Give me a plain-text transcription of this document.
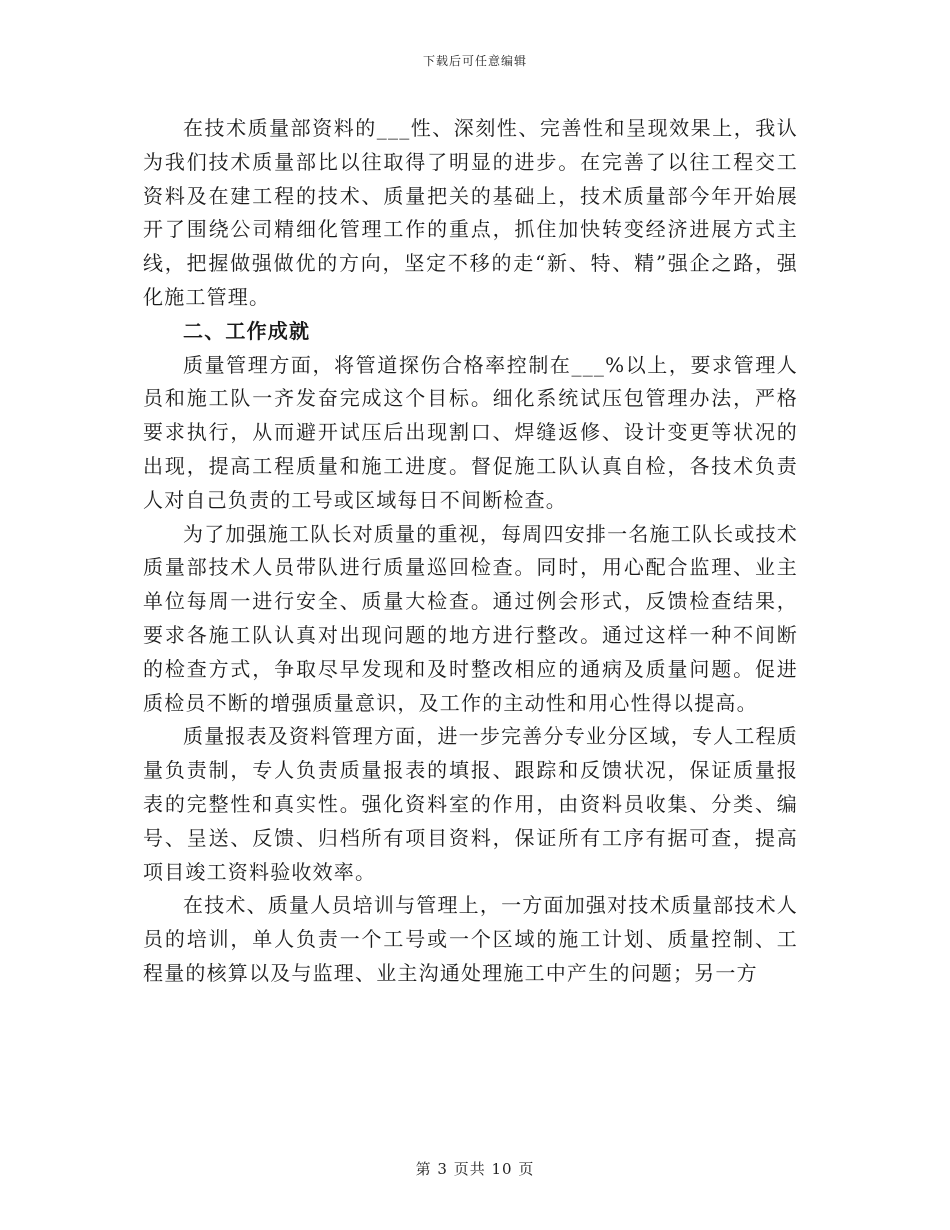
下载后可任意编辑

在技术质量部资料的___性、深刻性、完善性和呈现效果上，我认为我们技术质量部比以往取得了明显的进步。在完善了以往工程交工资料及在建工程的技术、质量把关的基础上，技术质量部今年开始展开了围绕公司精细化管理工作的重点，抓住加快转变经济进展方式主线，把握做强做优的方向，坚定不移的走“新、特、精”强企之路，强化施工管理。

二、工作成就

质量管理方面，将管道探伤合格率控制在___%以上，要求管理人员和施工队一齐发奋完成这个目标。细化系统试压包管理办法，严格要求执行，从而避开试压后出现割口、焊缝返修、设计变更等状况的出现，提高工程质量和施工进度。督促施工队认真自检，各技术负责人对自己负责的工号或区域每日不间断检查。

为了加强施工队长对质量的重视，每周四安排一名施工队长或技术质量部技术人员带队进行质量巡回检查。同时，用心配合监理、业主单位每周一进行安全、质量大检查。通过例会形式，反馈检查结果，要求各施工队认真对出现问题的地方进行整改。通过这样一种不间断的检查方式，争取尽早发现和及时整改相应的通病及质量问题。促进质检员不断的增强质量意识，及工作的主动性和用心性得以提高。

质量报表及资料管理方面，进一步完善分专业分区域，专人工程质量负责制，专人负责质量报表的填报、跟踪和反馈状况，保证质量报表的完整性和真实性。强化资料室的作用，由资料员收集、分类、编号、呈送、反馈、归档所有项目资料，保证所有工序有据可查，提高项目竣工资料验收效率。

在技术、质量人员培训与管理上，一方面加强对技术质量部技术人员的培训，单人负责一个工号或一个区域的施工计划、质量控制、工程量的核算以及与监理、业主沟通处理施工中产生的问题；另一方

第 3 页共 10 页
